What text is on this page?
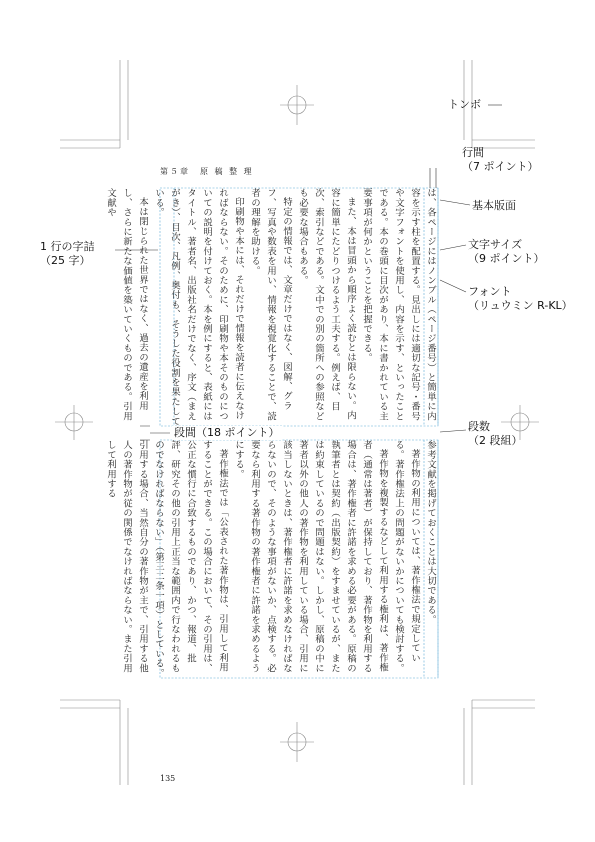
第５章　原 稿 整 理
135

は、各ページにはノンブル（ページ番号）と簡単に内容を示す柱を配置する。見出しには適切な記号・番号や文字フォントを使用し、内容を示す、といったことである。本の巻頭に目次があり、本に書かれている主要事項が何かということを把握できる。

また、本は冒頭から順序よく読むとは限らない。内容に簡単にたどりつけるよう工夫する。例えば、目次、索引などである。文中での別の箇所への参照なども必要な場合もある。

特定の情報では、文章だけではなく、図解、グラフ、写真や数表を用い、情報を視覚化することで、読者の理解を助ける。

印刷物や本には、それだけで情報を読者に伝えなければならない。そのために、印刷物や本そのものについての説明を付けておく。本を例にすると、表紙にはタイトル、著者名、出版社名だけでなく、序文（まえがき）、目次、凡例、奥付も、そうした役割を果たしている。

本は閉じられた世界ではなく、過去の遺産を利用し、さらに新たな価値を築いていくものである。引用文献や

参考文献を掲げておくことは大切である。

著作物の利用については、著作権法で規定している。著作権法上の問題がないかについても検討する。

著作物を複製するなどして利用する権利は、著作権者（通常は著者）が保持しており、著作物を利用する場合は、著作権者に許諾を求める必要がある。原稿の執筆者とは契約（出版契約）をすませているが、または約束しているので問題はない。しかし、原稿の中に著者以外の他人の著作物を利用している場合、引用に該当しないときは、著作権者に許諾を求めなければならないので、そのような事項がないか、点検する。必要なら利用する著作物の著作権者に許諾を求めるようにする。

著作権法では「公表された著作物は、引用して利用することができる。この場合において、その引用は、公正な慣行に合致するものであり、かつ、報道、批評、研究その他の引用上正当な範囲内で行なわれるものでなければならない」（第三二条一項）としている。引用する場合、当然自分の著作物が主で、引用する他人の著作物が従の関係でなければならない。また引用して利用する

トンボ
行間
（7 ポイント）
基本版面
文字サイズ
（9 ポイント）
フォント
（リュウミン R-KL）
1 行の字詰
（25 字）
段間（18 ポイント）	段数
（2 段組）
